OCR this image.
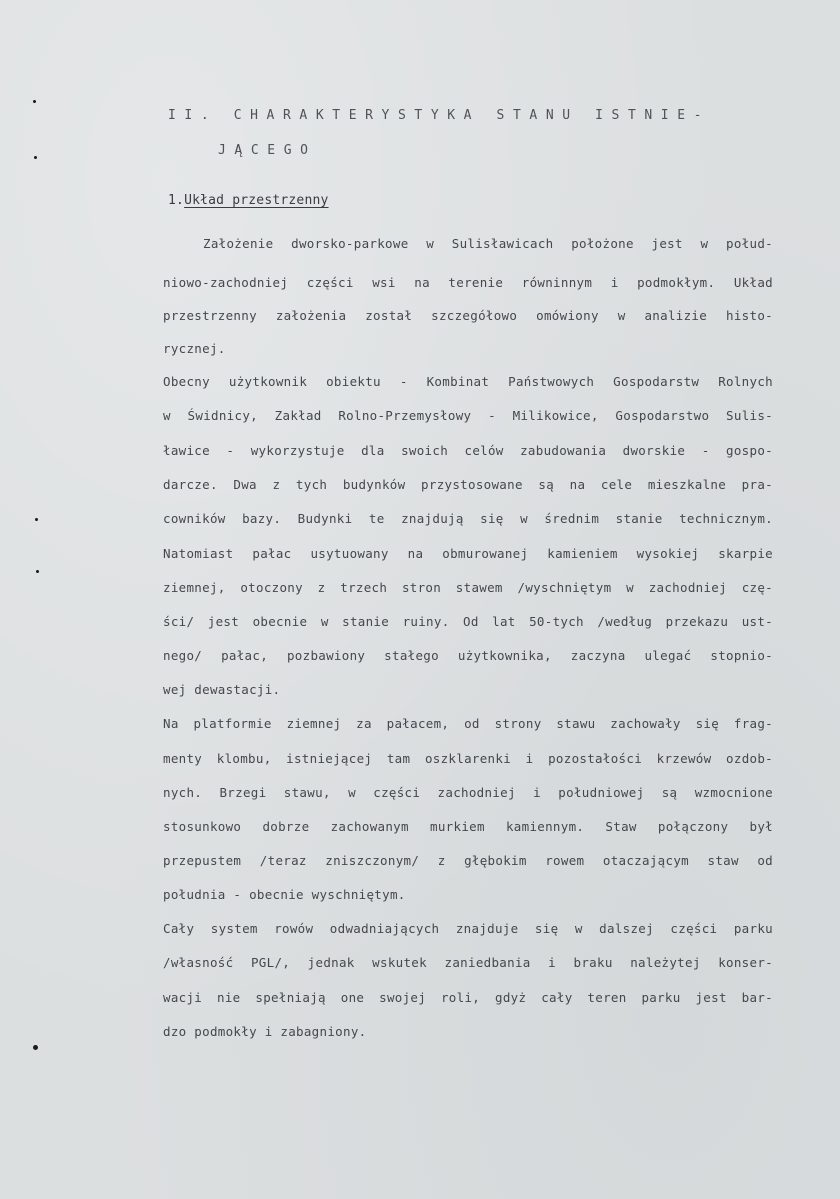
II. CHARAKTERYSTYKA STANU ISTNIE-
JĄCEGO
1.Układ przestrzenny
Założenie dworsko-parkowe w Sulisławicach położone jest w połud-
niowo-zachodniej części wsi na terenie równinnym i podmokłym. Układ
przestrzenny założenia został szczegółowo omówiony w analizie histo-
rycznej.
Obecny użytkownik obiektu - Kombinat Państwowych Gospodarstw Rolnych
w Świdnicy, Zakład Rolno-Przemysłowy - Milikowice, Gospodarstwo Sulis-
ławice - wykorzystuje dla swoich celów zabudowania dworskie - gospo-
darcze. Dwa z tych budynków przystosowane są na cele mieszkalne pra-
cowników bazy. Budynki te znajdują się w średnim stanie technicznym.
Natomiast pałac usytuowany na obmurowanej kamieniem wysokiej skarpie
ziemnej, otoczony z trzech stron stawem /wyschniętym w zachodniej czę-
ści/ jest obecnie w stanie ruiny. Od lat 50-tych /według przekazu ust-
nego/ pałac, pozbawiony stałego użytkownika, zaczyna ulegać stopnio-
wej dewastacji.
Na platformie ziemnej za pałacem, od strony stawu zachowały się frag-
menty klombu, istniejącej tam oszklarenki i pozostałości krzewów ozdob-
nych. Brzegi stawu, w części zachodniej i południowej są wzmocnione
stosunkowo dobrze zachowanym murkiem kamiennym. Staw połączony był
przepustem /teraz zniszczonym/ z głębokim rowem otaczającym staw od
południa - obecnie wyschniętym.
Cały system rowów odwadniających znajduje się w dalszej części parku
/własność PGL/, jednak wskutek zaniedbania i braku należytej konser-
wacji nie spełniają one swojej roli, gdyż cały teren parku jest bar-
dzo podmokły i zabagniony.
